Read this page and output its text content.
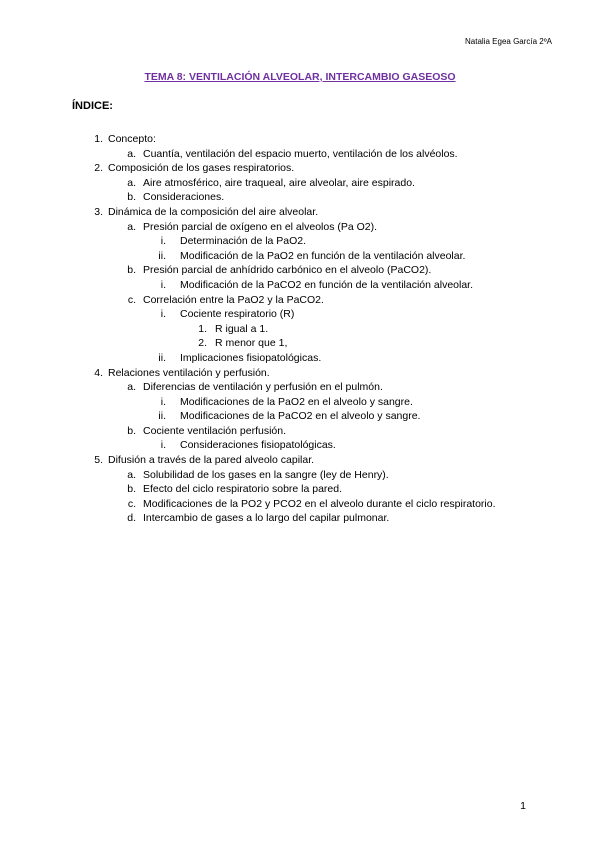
Natalia Egea García 2ºA
TEMA 8: VENTILACIÓN ALVEOLAR, INTERCAMBIO GASEOSO
ÍNDICE:
1. Concepto:
a. Cuantía, ventilación del espacio muerto, ventilación de los alvéolos.
2. Composición de los gases respiratorios.
a. Aire atmosférico, aire traqueal, aire alveolar, aire espirado.
b. Consideraciones.
3. Dinámica de la composición del aire alveolar.
a. Presión parcial de oxígeno en el alveolos (Pa O2).
i. Determinación de la PaO2.
ii. Modificación de la PaO2 en función de la ventilación alveolar.
b. Presión parcial de anhídrido carbónico en el alveolo (PaCO2).
i. Modificación de la PaCO2 en función de la ventilación alveolar.
c. Correlación entre la PaO2 y la PaCO2.
i. Cociente respiratorio (R)
1. R igual a 1.
2. R menor que 1,
ii. Implicaciones fisiopatológicas.
4. Relaciones ventilación y perfusión.
a. Diferencias de ventilación y perfusión en el pulmón.
i. Modificaciones de la PaO2 en el alveolo y sangre.
ii. Modificaciones de la PaCO2 en el alveolo y sangre.
b. Cociente ventilación perfusión.
i. Consideraciones fisiopatológicas.
5. Difusión a través de la pared alveolo capilar.
a. Solubilidad de los gases en la sangre (ley de Henry).
b. Efecto del ciclo respiratorio sobre la pared.
c. Modificaciones de la PO2 y PCO2 en el alveolo durante el ciclo respiratorio.
d. Intercambio de gases a lo largo del capilar pulmonar.
1
